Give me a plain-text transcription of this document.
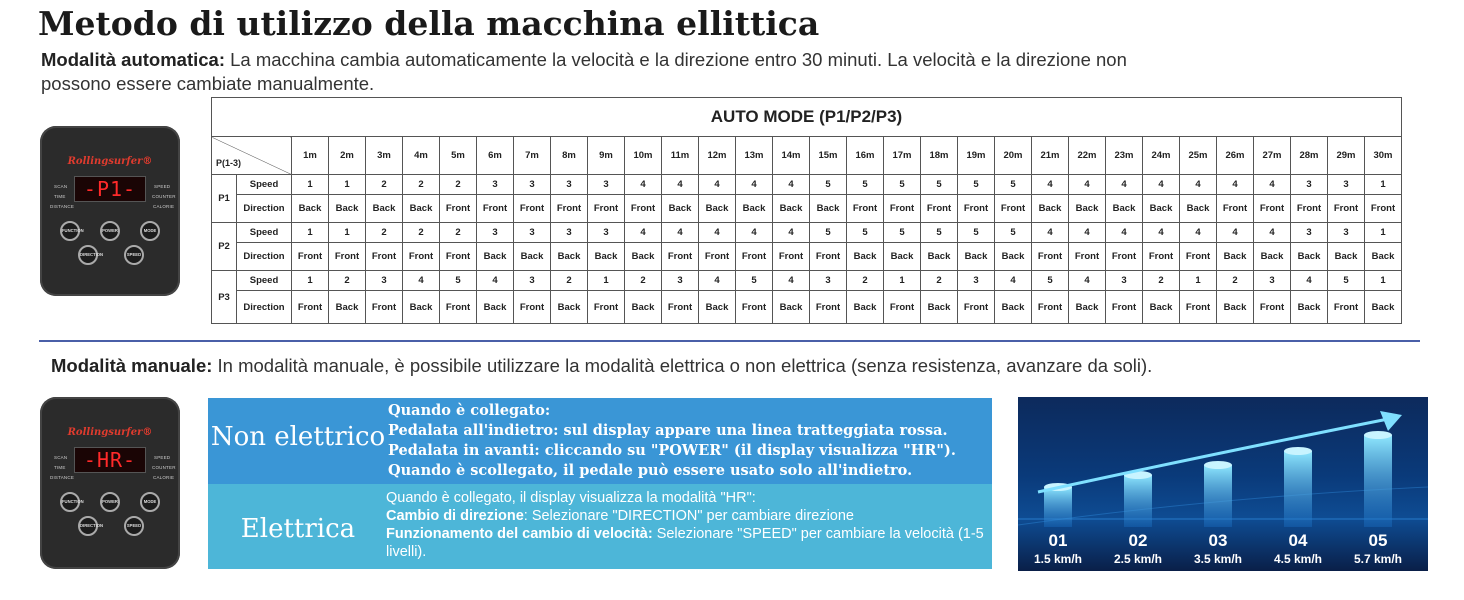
Metodo di utilizzo della macchina ellittica
Modalità automatica: La macchina cambia automaticamente la velocità e la direzione entro 30 minuti. La velocità e la direzione non possono essere cambiate manualmente.
Rollingsurfer®
SCAN
TIME
DISTANCE
SPEED
COUNTER
CALORIE
-P1-
FUNCTION	POWER	MODE
DIRECTION	SPEED
AUTO MODE (P1/P2/P3)																															

P(1-3)		1m	2m	3m	4m	5m	6m	7m	8m	9m	10m	11m	12m	13m	14m	15m	16m	17m	18m	19m	20m	21m	22m	23m	24m	25m	26m	27m	28m	29m	30m
P1	Speed	1	1	2	2	2	3	3	3	3	4	4	4	4	4	5	5	5	5	5	5	4	4	4	4	4	4	4	3	3	1
	Direction	Back	Back	Back	Back	Front	Front	Front	Front	Front	Front	Back	Back	Back	Back	Back	Front	Front	Front	Front	Front	Back	Back	Back	Back	Back	Front	Front	Front	Front	Front
P2	Speed	1	1	2	2	2	3	3	3	3	4	4	4	4	4	5	5	5	5	5	5	4	4	4	4	4	4	4	3	3	1
	Direction	Front	Front	Front	Front	Front	Back	Back	Back	Back	Back	Front	Front	Front	Front	Front	Back	Back	Back	Back	Back	Front	Front	Front	Front	Front	Back	Back	Back	Back	Back
P3	Speed	1	2	3	4	5	4	3	2	1	2	3	4	5	4	3	2	1	2	3	4	5	4	3	2	1	2	3	4	5	1
	Direction	Front	Back	Front	Back	Front	Back	Front	Back	Front	Back	Front	Back	Front	Back	Front	Back	Front	Back	Front	Back	Front	Back	Front	Back	Front	Back	Front	Back	Front	Back
Modalità manuale: In modalità manuale, è possibile utilizzare la modalità elettrica o non elettrica (senza resistenza, avanzare da soli).
Rollingsurfer®
SCAN
TIME
DISTANCE
SPEED
COUNTER
CALORIE
-HR-
FUNCTION	POWER	MODE
DIRECTION	SPEED
Non elettrico
Quando è collegato:
Pedalata all'indietro: sul display appare una linea tratteggiata rossa.
Pedalata in avanti: cliccando su "POWER" (il display visualizza "HR").
Quando è scollegato, il pedale può essere usato solo all'indietro.
Elettrica
Quando è collegato, il display visualizza la modalità "HR":
Cambio di direzione: Selezionare "DIRECTION" per cambiare direzione
Funzionamento del cambio di velocità: Selezionare "SPEED" per cambiare la velocità (1-5 livelli).
01
1.5 km/h
02
2.5 km/h
03
3.5 km/h
04
4.5 km/h
05
5.7 km/h
